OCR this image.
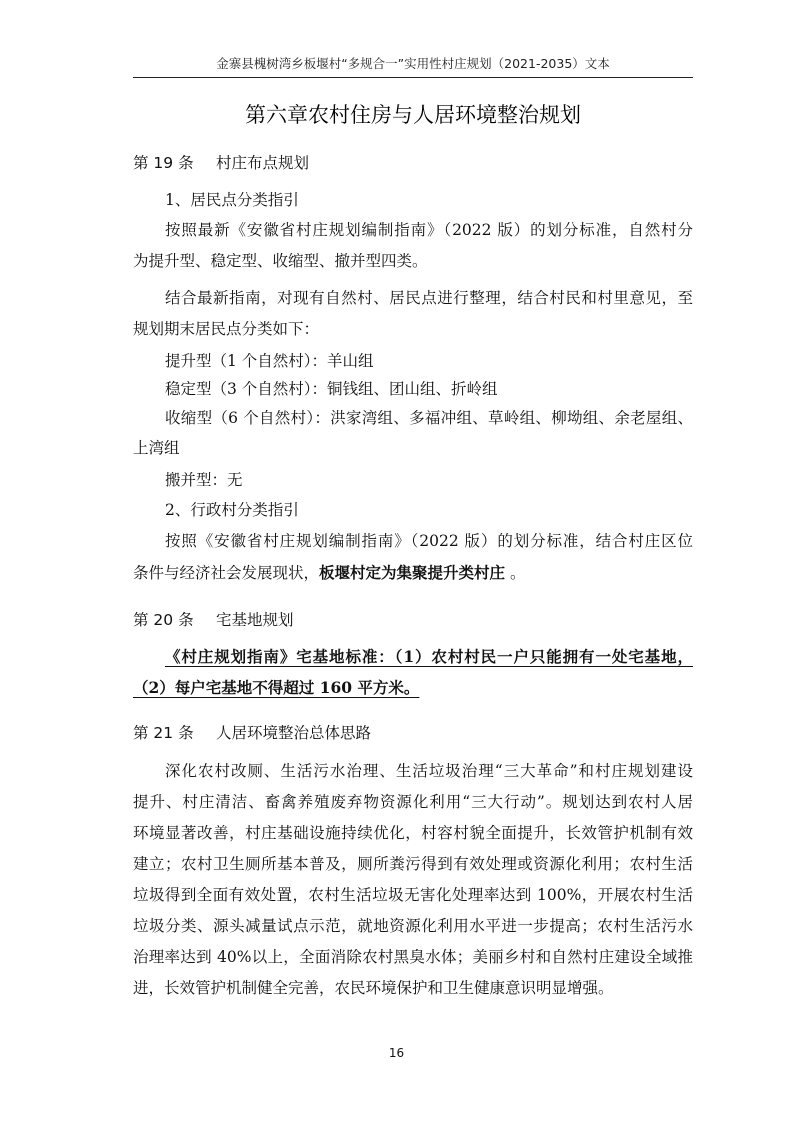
金寨县槐树湾乡板堰村“多规合一”实用性村庄规划（2021-2035）文本
第六章农村住房与人居环境整治规划
第 19 条 村庄布点规划
1、居民点分类指引
按照最新《安徽省村庄规划编制指南》（2022 版）的划分标准，自然村分
为提升型、稳定型、收缩型、撤并型四类。
结合最新指南，对现有自然村、居民点进行整理，结合村民和村里意见，至
规划期末居民点分类如下：
提升型（1 个自然村）：羊山组
稳定型（3 个自然村）：铜钱组、团山组、折岭组
收缩型（6 个自然村）：洪家湾组、多福冲组、草岭组、柳坳组、余老屋组、
上湾组
搬并型：无
2、行政村分类指引
按照《安徽省村庄规划编制指南》（2022 版）的划分标准，结合村庄区位
条件与经济社会发展现状，板堰村定为集聚提升类村庄 。
第 20 条 宅基地规划
《村庄规划指南》宅基地标准：（1）农村村民一户只能拥有一处宅基地，
（2）每户宅基地不得超过 160 平方米。
第 21 条 人居环境整治总体思路
深化农村改厕、生活污水治理、生活垃圾治理“三大革命”和村庄规划建设
提升、村庄清洁、畜禽养殖废弃物资源化利用“三大行动”。规划达到农村人居
环境显著改善，村庄基础设施持续优化，村容村貌全面提升，长效管护机制有效
建立；农村卫生厕所基本普及，厕所粪污得到有效处理或资源化利用；农村生活
垃圾得到全面有效处置，农村生活垃圾无害化处理率达到 100%，开展农村生活
垃圾分类、源头减量试点示范，就地资源化利用水平进一步提高；农村生活污水
治理率达到 40%以上，全面消除农村黑臭水体；美丽乡村和自然村庄建设全域推
进，长效管护机制健全完善，农民环境保护和卫生健康意识明显增强。
16
